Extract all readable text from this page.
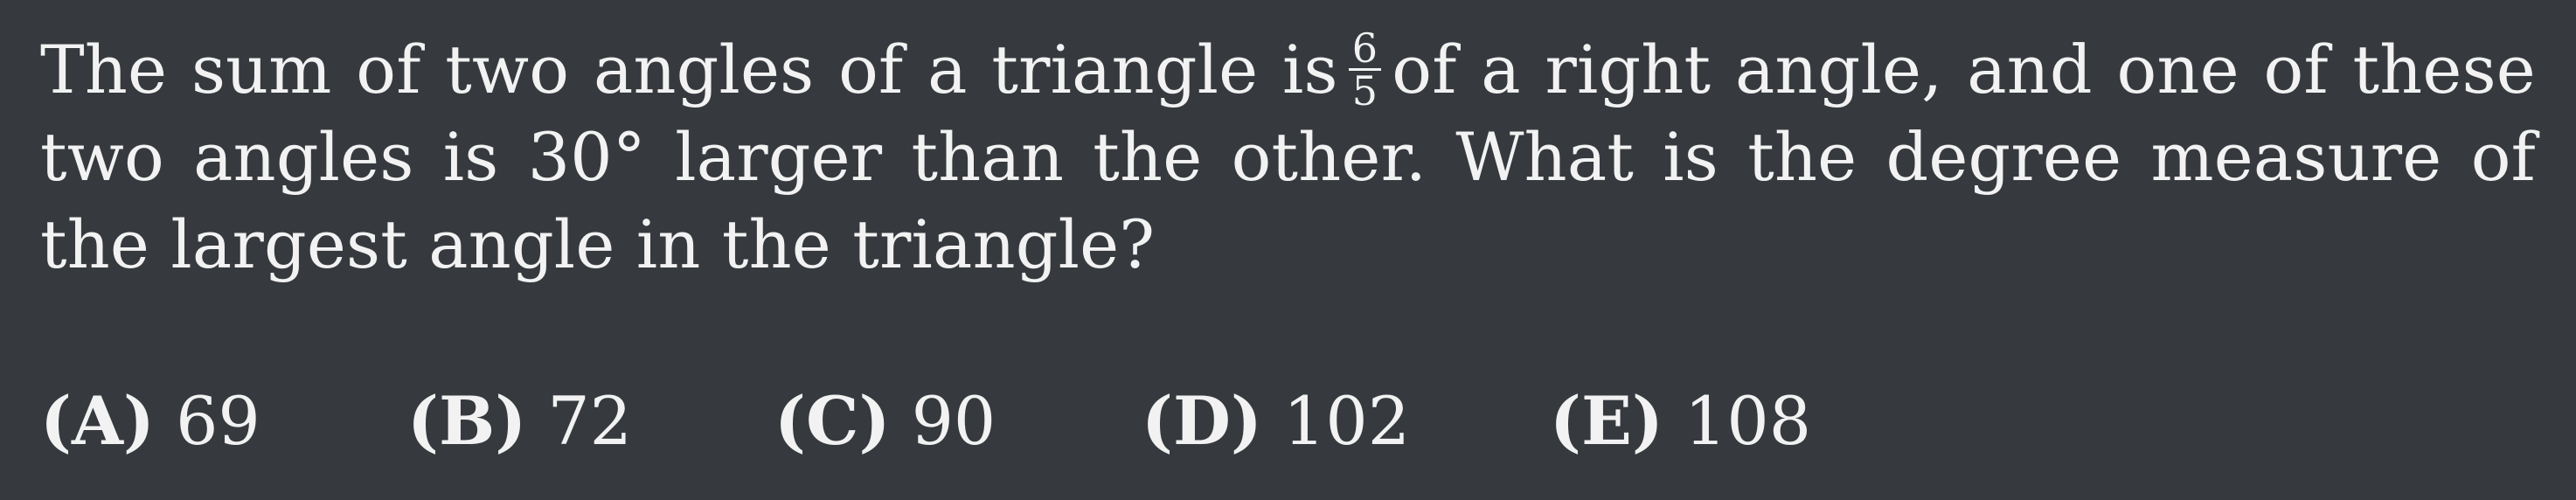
The sum of two angles of a triangle is $\frac{6}{5}$ of a right angle, and one of these two angles is 30° larger than the other. What is the degree measure of the largest angle in the triangle?
(A) 69 (B) 72 (C) 90 (D) 102 (E) 108
